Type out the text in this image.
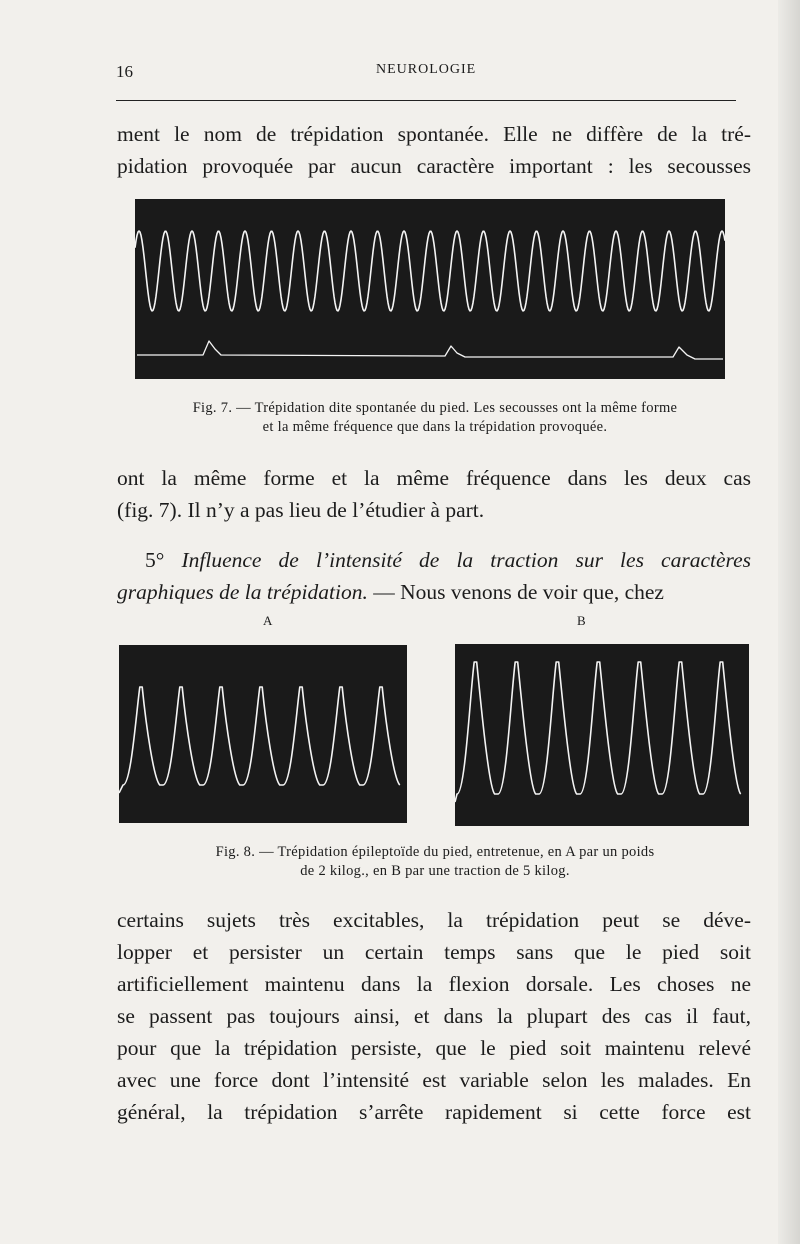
16	NEUROLOGIE
ment le nom de trépidation spontanée. Elle ne diffère de la tré-
pidation provoquée par aucun caractère important : les secousses
Fig. 7. — Trépidation dite spontanée du pied. Les secousses ont la même forme
et la même fréquence que dans la trépidation provoquée.
ont la même forme et la même fréquence dans les deux cas
(fig. 7). Il n’y a pas lieu de l’étudier à part.
5° Influence de l’intensité de la traction sur les caractères
graphiques de la trépidation. — Nous venons de voir que, chez
A	B
Fig. 8. — Trépidation épileptoïde du pied, entretenue, en A par un poids
de 2 kilog., en B par une traction de 5 kilog.
certains sujets très excitables, la trépidation peut se déve-
lopper et persister un certain temps sans que le pied soit
artificiellement maintenu dans la flexion dorsale. Les choses ne
se passent pas toujours ainsi, et dans la plupart des cas il faut,
pour que la trépidation persiste, que le pied soit maintenu relevé
avec une force dont l’intensité est variable selon les malades. En
général, la trépidation s’arrête rapidement si cette force est
